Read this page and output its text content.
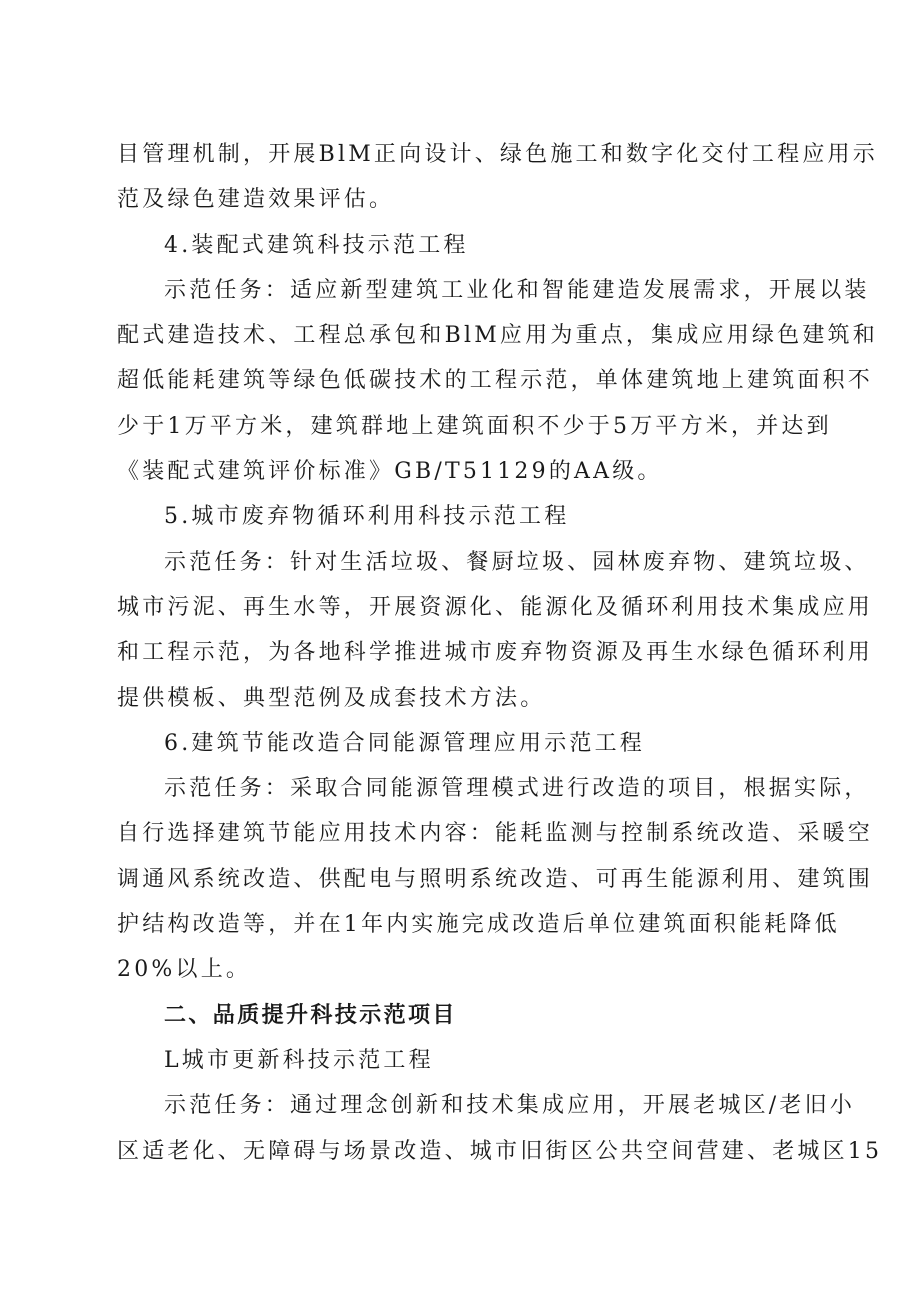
目管理机制，开展BlM正向设计、绿色施工和数字化交付工程应用示
范及绿色建造效果评估。
4.装配式建筑科技示范工程
示范任务：适应新型建筑工业化和智能建造发展需求，开展以装
配式建造技术、工程总承包和BlM应用为重点，集成应用绿色建筑和
超低能耗建筑等绿色低碳技术的工程示范，单体建筑地上建筑面积不
少于1万平方米，建筑群地上建筑面积不少于5万平方米，并达到
《装配式建筑评价标准》GB/T51129的AA级。
5.城市废弃物循环利用科技示范工程
示范任务：针对生活垃圾、餐厨垃圾、园林废弃物、建筑垃圾、
城市污泥、再生水等，开展资源化、能源化及循环利用技术集成应用
和工程示范，为各地科学推进城市废弃物资源及再生水绿色循环利用
提供模板、典型范例及成套技术方法。
6.建筑节能改造合同能源管理应用示范工程
示范任务：采取合同能源管理模式进行改造的项目，根据实际，
自行选择建筑节能应用技术内容：能耗监测与控制系统改造、采暖空
调通风系统改造、供配电与照明系统改造、可再生能源利用、建筑围
护结构改造等，并在1年内实施完成改造后单位建筑面积能耗降低
20%以上。
二、品质提升科技示范项目
L城市更新科技示范工程
示范任务：通过理念创新和技术集成应用，开展老城区/老旧小
区适老化、无障碍与场景改造、城市旧街区公共空间营建、老城区15
